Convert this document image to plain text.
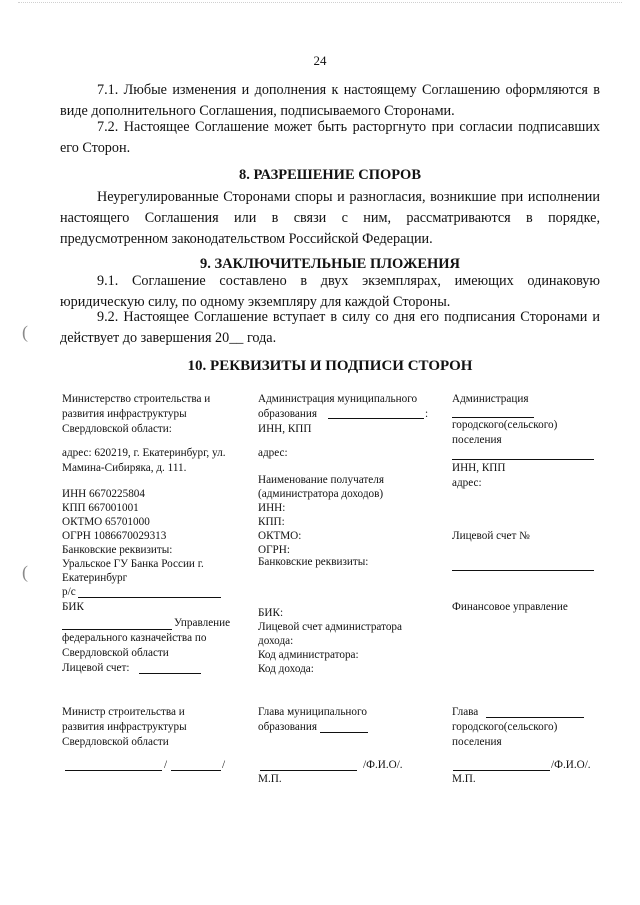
24
7.1. Любые изменения и дополнения к настоящему Соглашению оформляются в виде дополнительного Соглашения, подписываемого Сторонами.
7.2. Настоящее Соглашение может быть расторгнуто при согласии подписавших его Сторон.
8. РАЗРЕШЕНИЕ СПОРОВ
Неурегулированные Сторонами споры и разногласия, возникшие при исполнении настоящего Соглашения или в связи с ним, рассматриваются в порядке, предусмотренном законодательством Российской Федерации.
9. ЗАКЛЮЧИТЕЛЬНЫЕ ПЛОЖЕНИЯ
9.1. Соглашение составлено в двух экземплярах, имеющих одинаковую юридическую силу, по одному экземпляру для каждой Стороны.
9.2. Настоящее Соглашение вступает в силу со дня его подписания Сторонами и действует до завершения 20__ года.
10. РЕКВИЗИТЫ И ПОДПИСИ СТОРОН
(
(
Министерство строительства и
развития инфраструктуры
Свердловской области:
адрес: 620219, г. Екатеринбург, ул.
Мамина-Сибиряка, д. 111.
ИНН 6670225804
КПП 667001001
ОКТМО 65701000
ОГРН 1086670029313
Банковские реквизиты:
Уральское ГУ Банка России г.
Екатеринбург
р/с
БИК
Управление
федерального казначейства по
Свердловской области
Лицевой счет:
Администрация муниципального
образования	:
ИНН, КПП
адрес:
Наименование получателя
(администратора доходов)
ИНН:
КПП:
ОКТМО:
ОГРН:
Банковские реквизиты:
БИК:
Лицевой счет администратора
дохода:
Код администратора:
Код дохода:
Администрация
городского(сельского)
поселения
ИНН, КПП
адрес:
Лицевой счет №
Финансовое управление
Министр строительства и
развития инфраструктуры
Свердловской области
/	/
Глава муниципального
образования
/Ф.И.О/.
М.П.
Глава
городского(сельского)
поселения
/Ф.И.О/.
М.П.
